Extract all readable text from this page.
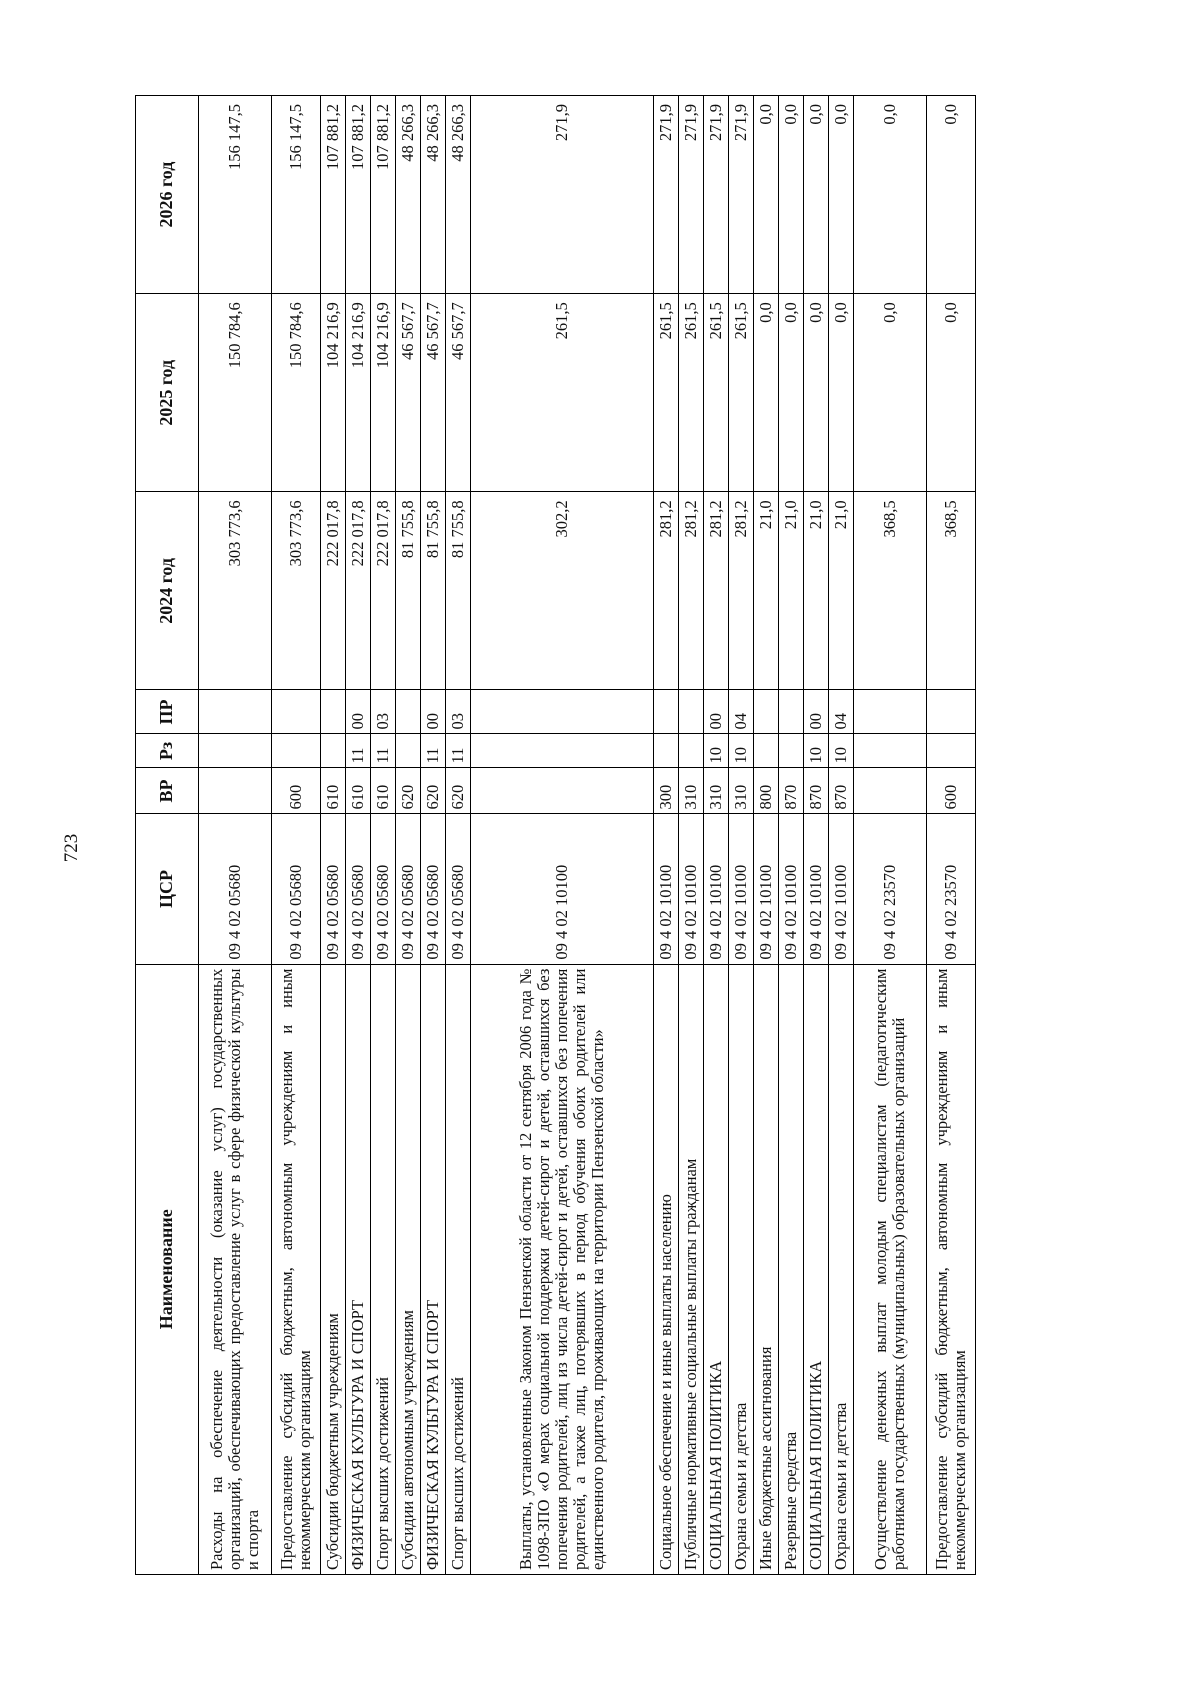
723
Наименование	ЦСР	ВР	Рз	ПР	2024 год	2025 год	2026 год
Расходы на обеспечение деятельности (оказание услуг) государственных организаций, обеспечивающих предоставление услуг в сфере физической культуры и спорта	09 4 02 05680				303 773,6	150 784,6	156 147,5
Предоставление субсидий бюджетным, автономным учреждениям и иным некоммерческим организациям	09 4 02 05680	600			303 773,6	150 784,6	156 147,5
Субсидии бюджетным учреждениям	09 4 02 05680	610			222 017,8	104 216,9	107 881,2
ФИЗИЧЕСКАЯ КУЛЬТУРА И СПОРТ	09 4 02 05680	610	11	00	222 017,8	104 216,9	107 881,2
Спорт высших достижений	09 4 02 05680	610	11	03	222 017,8	104 216,9	107 881,2
Субсидии автономным учреждениям	09 4 02 05680	620			81 755,8	46 567,7	48 266,3
ФИЗИЧЕСКАЯ КУЛЬТУРА И СПОРТ	09 4 02 05680	620	11	00	81 755,8	46 567,7	48 266,3
Спорт высших достижений	09 4 02 05680	620	11	03	81 755,8	46 567,7	48 266,3
Выплаты, установленные Законом Пензенской области от 12 сентября 2006 года № 1098-ЗПО «О мерах социальной поддержки детей-сирот и детей, оставшихся без попечения родителей, лиц из числа детей-сирот и детей, оставшихся без попечения родителей, а также лиц, потерявших в период обучения обоих родителей или единственного родителя, проживающих на территории Пензенской области»	09 4 02 10100				302,2	261,5	271,9
Социальное обеспечение и иные выплаты населению	09 4 02 10100	300			281,2	261,5	271,9
Публичные нормативные социальные выплаты гражданам	09 4 02 10100	310			281,2	261,5	271,9
СОЦИАЛЬНАЯ ПОЛИТИКА	09 4 02 10100	310	10	00	281,2	261,5	271,9
Охрана семьи и детства	09 4 02 10100	310	10	04	281,2	261,5	271,9
Иные бюджетные ассигнования	09 4 02 10100	800			21,0	0,0	0,0
Резервные средства	09 4 02 10100	870			21,0	0,0	0,0
СОЦИАЛЬНАЯ ПОЛИТИКА	09 4 02 10100	870	10	00	21,0	0,0	0,0
Охрана семьи и детства	09 4 02 10100	870	10	04	21,0	0,0	0,0
Осуществление денежных выплат молодым специалистам (педагогическим работникам государственных (муниципальных) образовательных организаций	09 4 02 23570				368,5	0,0	0,0
Предоставление субсидий бюджетным, автономным учреждениям и иным некоммерческим организациям	09 4 02 23570	600			368,5	0,0	0,0
